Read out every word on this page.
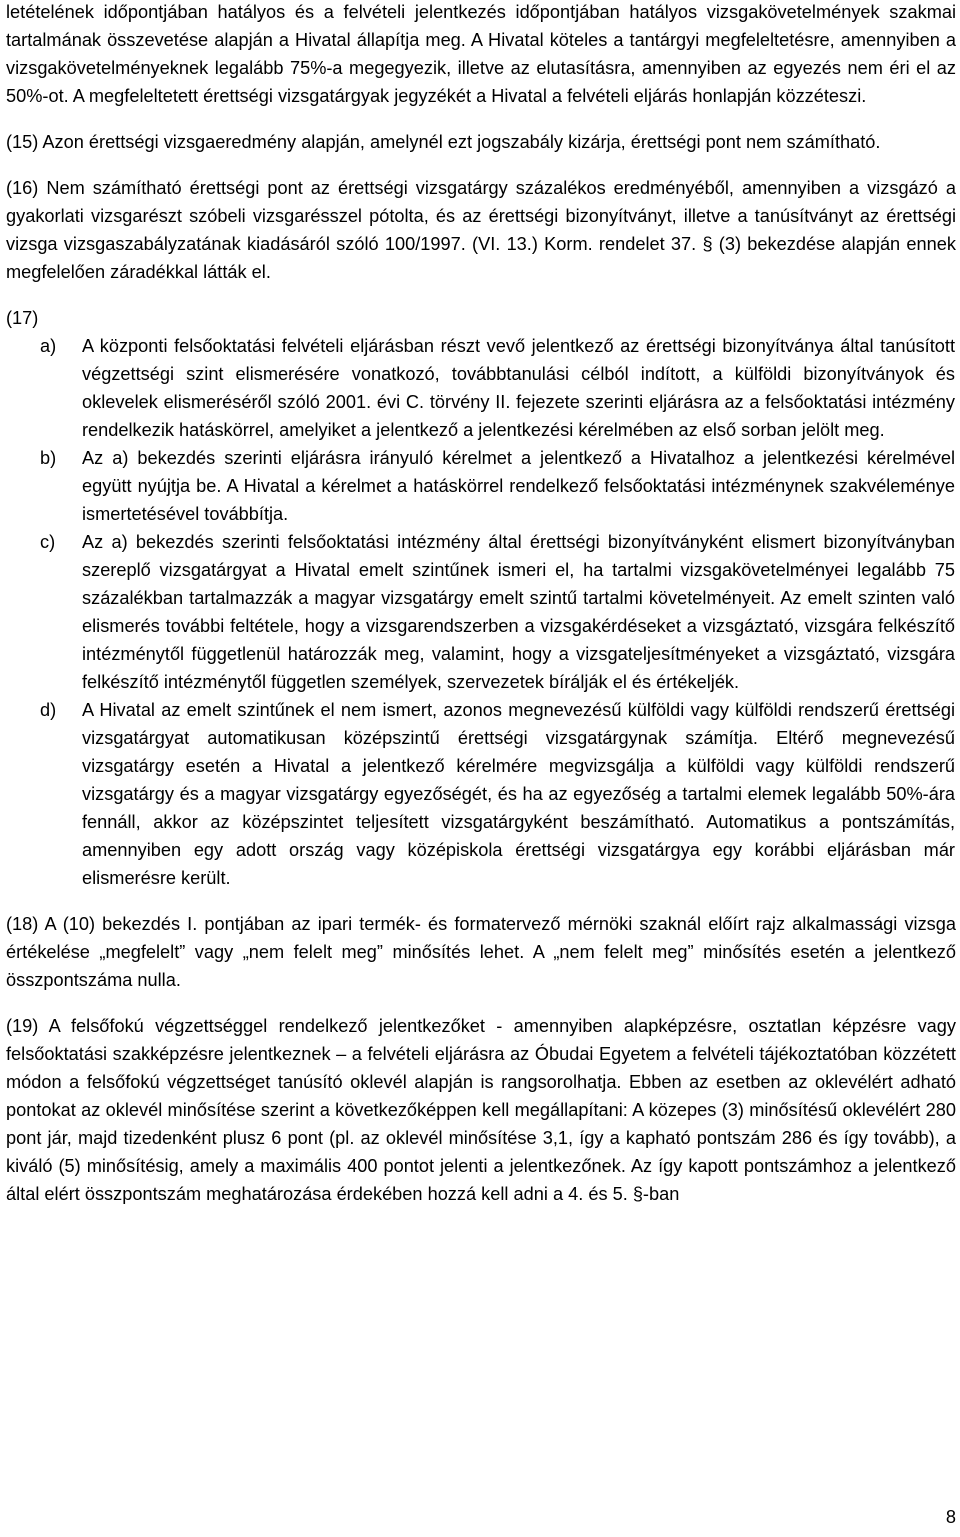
letételének időpontjában hatályos és a felvételi jelentkezés időpontjában hatályos vizsgakövetelmények szakmai tartalmának összevetése alapján a Hivatal állapítja meg. A Hivatal köteles a tantárgyi megfeleltetésre, amennyiben a vizsgakövetelményeknek legalább 75%-a megegyezik, illetve az elutasításra, amennyiben az egyezés nem éri el az 50%-ot. A megfeleltetett érettségi vizsgatárgyak jegyzékét a Hivatal a felvételi eljárás honlapján közzéteszi.

(15) Azon érettségi vizsgaeredmény alapján, amelynél ezt jogszabály kizárja, érettségi pont nem számítható.

(16) Nem számítható érettségi pont az érettségi vizsgatárgy százalékos eredményéből, amennyiben a vizsgázó a gyakorlati vizsgarészt szóbeli vizsgarésszel pótolta, és az érettségi bizonyítványt, illetve a tanúsítványt az érettségi vizsga vizsgaszabályzatának kiadásáról szóló 100/1997. (VI. 13.) Korm. rendelet 37. § (3) bekezdése alapján ennek megfelelően záradékkal látták el.

(17)

a)	A központi felsőoktatási felvételi eljárásban részt vevő jelentkező az érettségi bizonyítványa által tanúsított végzettségi szint elismerésére vonatkozó, továbbtanulási célból indított, a külföldi bizonyítványok és oklevelek elismeréséről szóló 2001. évi C. törvény II. fejezete szerinti eljárásra az a felsőoktatási intézmény rendelkezik hatáskörrel, amelyiket a jelentkező a jelentkezési kérelmében az első sorban jelölt meg.
b)	Az a) bekezdés szerinti eljárásra irányuló kérelmet a jelentkező a Hivatalhoz a jelentkezési kérelmével együtt nyújtja be. A Hivatal a kérelmet a hatáskörrel rendelkező felsőoktatási intézménynek szakvéleménye ismertetésével továbbítja.
c)	Az a) bekezdés szerinti felsőoktatási intézmény által érettségi bizonyítványként elismert bizonyítványban szereplő vizsgatárgyat a Hivatal emelt szintűnek ismeri el, ha tartalmi vizsgakövetelményei legalább 75 százalékban tartalmazzák a magyar vizsgatárgy emelt szintű tartalmi követelményeit. Az emelt szinten való elismerés további feltétele, hogy a vizsgarendszerben a vizsgakérdéseket a vizsgáztató, vizsgára felkészítő intézménytől függetlenül határozzák meg, valamint, hogy a vizsgateljesítményeket a vizsgáztató, vizsgára felkészítő intézménytől független személyek, szervezetek bírálják el és értékeljék.
d)	A Hivatal az emelt szintűnek el nem ismert, azonos megnevezésű külföldi vagy külföldi rendszerű érettségi vizsgatárgyat automatikusan középszintű érettségi vizsgatárgynak számítja. Eltérő megnevezésű vizsgatárgy esetén a Hivatal a jelentkező kérelmére megvizsgálja a külföldi vagy külföldi rendszerű vizsgatárgy és a magyar vizsgatárgy egyezőségét, és ha az egyezőség a tartalmi elemek legalább 50%-ára fennáll, akkor az középszintet teljesített vizsgatárgyként beszámítható. Automatikus a pontszámítás, amennyiben egy adott ország vagy középiskola érettségi vizsgatárgya egy korábbi eljárásban már elismerésre került.

(18) A (10) bekezdés I. pontjában az ipari termék- és formatervező mérnöki szaknál előírt rajz alkalmassági vizsga értékelése „megfelelt” vagy „nem felelt meg” minősítés lehet. A „nem felelt meg” minősítés esetén a jelentkező összpontszáma nulla.

(19) A felsőfokú végzettséggel rendelkező jelentkezőket - amennyiben alapképzésre, osztatlan képzésre vagy felsőoktatási szakképzésre jelentkeznek – a felvételi eljárásra az Óbudai Egyetem a felvételi tájékoztatóban közzétett módon a felsőfokú végzettséget tanúsító oklevél alapján is rangsorolhatja. Ebben az esetben az oklevélért adható pontokat az oklevél minősítése szerint a következőképpen kell megállapítani: A közepes (3) minősítésű oklevélért 280 pont jár, majd tizedenként plusz 6 pont (pl. az oklevél minősítése 3,1, így a kapható pontszám 286 és így tovább), a kiváló (5) minősítésig, amely a maximális 400 pontot jelenti a jelentkezőnek. Az így kapott pontszámhoz a jelentkező által elért összpontszám meghatározása érdekében hozzá kell adni a 4. és 5. §-ban

8
